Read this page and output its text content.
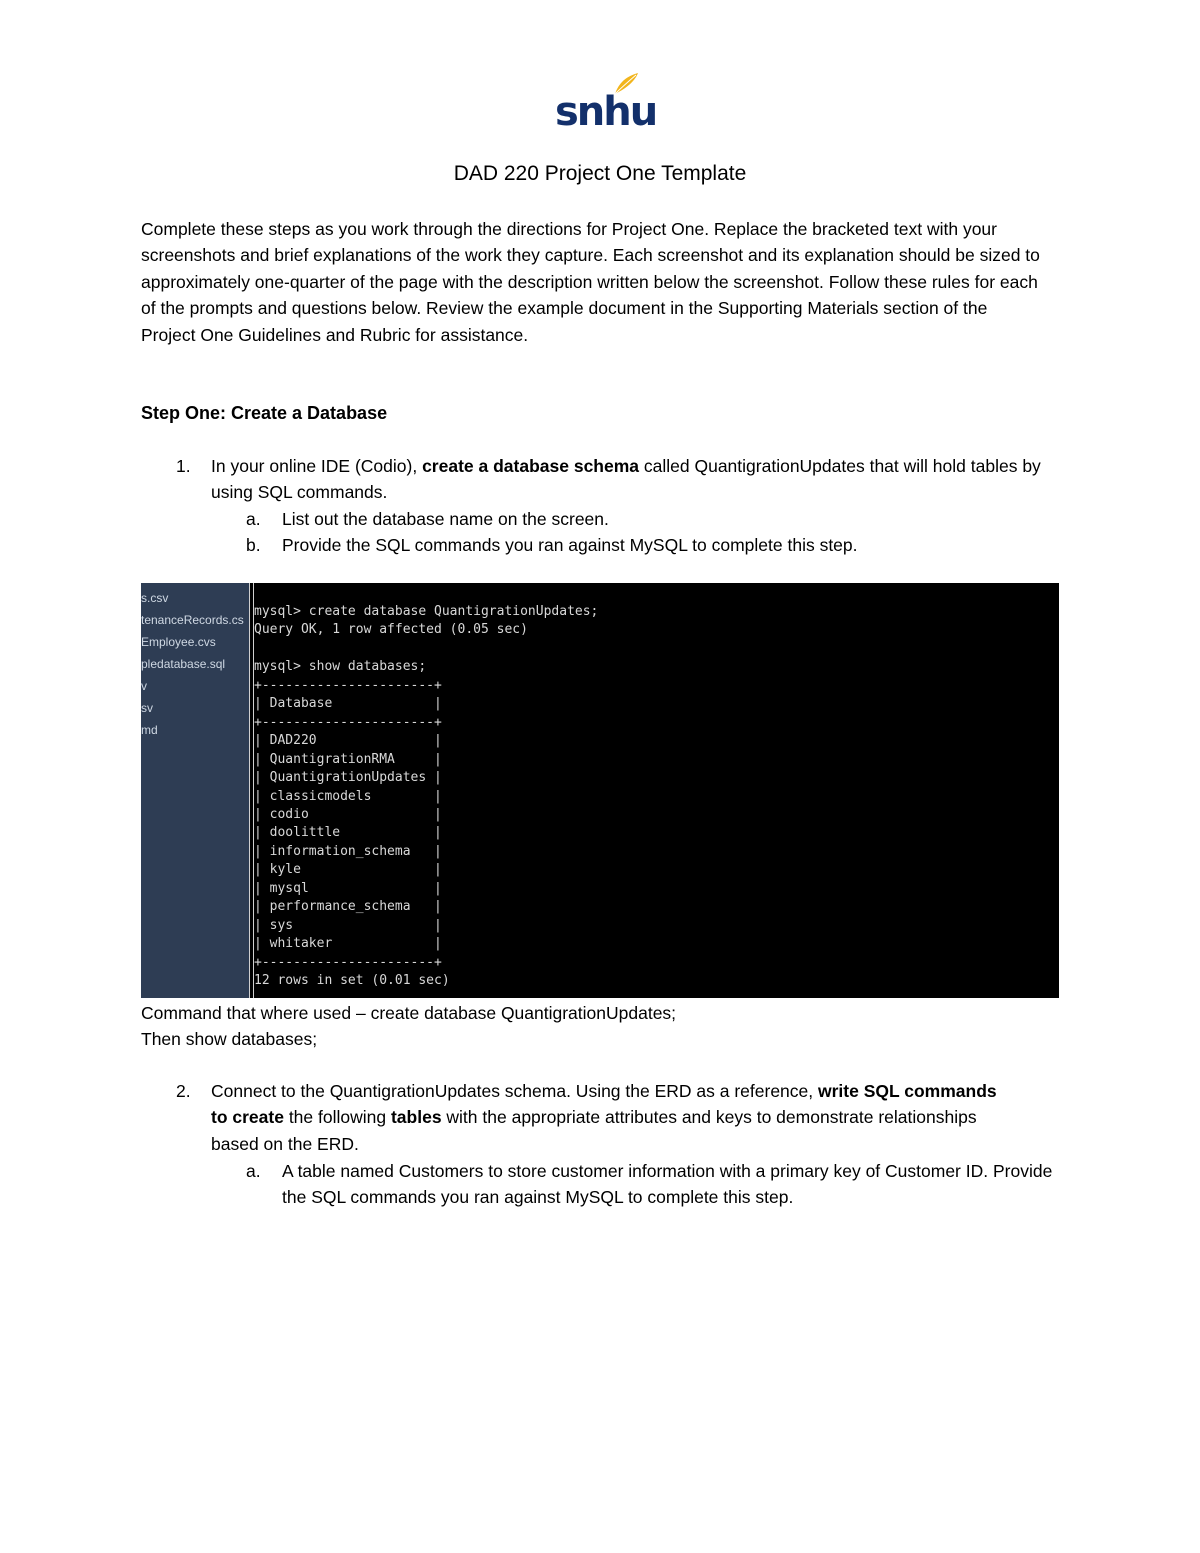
snhu
DAD 220 Project One Template
Complete these steps as you work through the directions for Project One. Replace the bracketed text with your screenshots and brief explanations of the work they capture. Each screenshot and its explanation should be sized to approximately one-quarter of the page with the description written below the screenshot. Follow these rules for each of the prompts and questions below. Review the example document in the Supporting Materials section of the Project One Guidelines and Rubric for assistance.
Step One: Create a Database
1. In your online IDE (Codio), create a database schema called QuantigrationUpdates that will hold tables by using SQL commands.
a. List out the database name on the screen.
b. Provide the SQL commands you ran against MySQL to complete this step.
s.csv
tenanceRecords.cs
Employee.cvs
pledatabase.sql
v
sv
md
mysql> create database QuantigrationUpdates;
Query OK, 1 row affected (0.05 sec)

mysql> show databases;
+----------------------+
| Database             |
+----------------------+
| DAD220               |
| QuantigrationRMA     |
| QuantigrationUpdates |
| classicmodels        |
| codio                |
| doolittle            |
| information_schema   |
| kyle                 |
| mysql                |
| performance_schema   |
| sys                  |
| whitaker             |
+----------------------+
12 rows in set (0.01 sec)
Command that where used – create database QuantigrationUpdates;
Then show databases;
2. Connect to the QuantigrationUpdates schema. Using the ERD as a reference, write SQL commands to create the following tables with the appropriate attributes and keys to demonstrate relationships based on the ERD.
a. A table named Customers to store customer information with a primary key of Customer ID. Provide the SQL commands you ran against MySQL to complete this step.
